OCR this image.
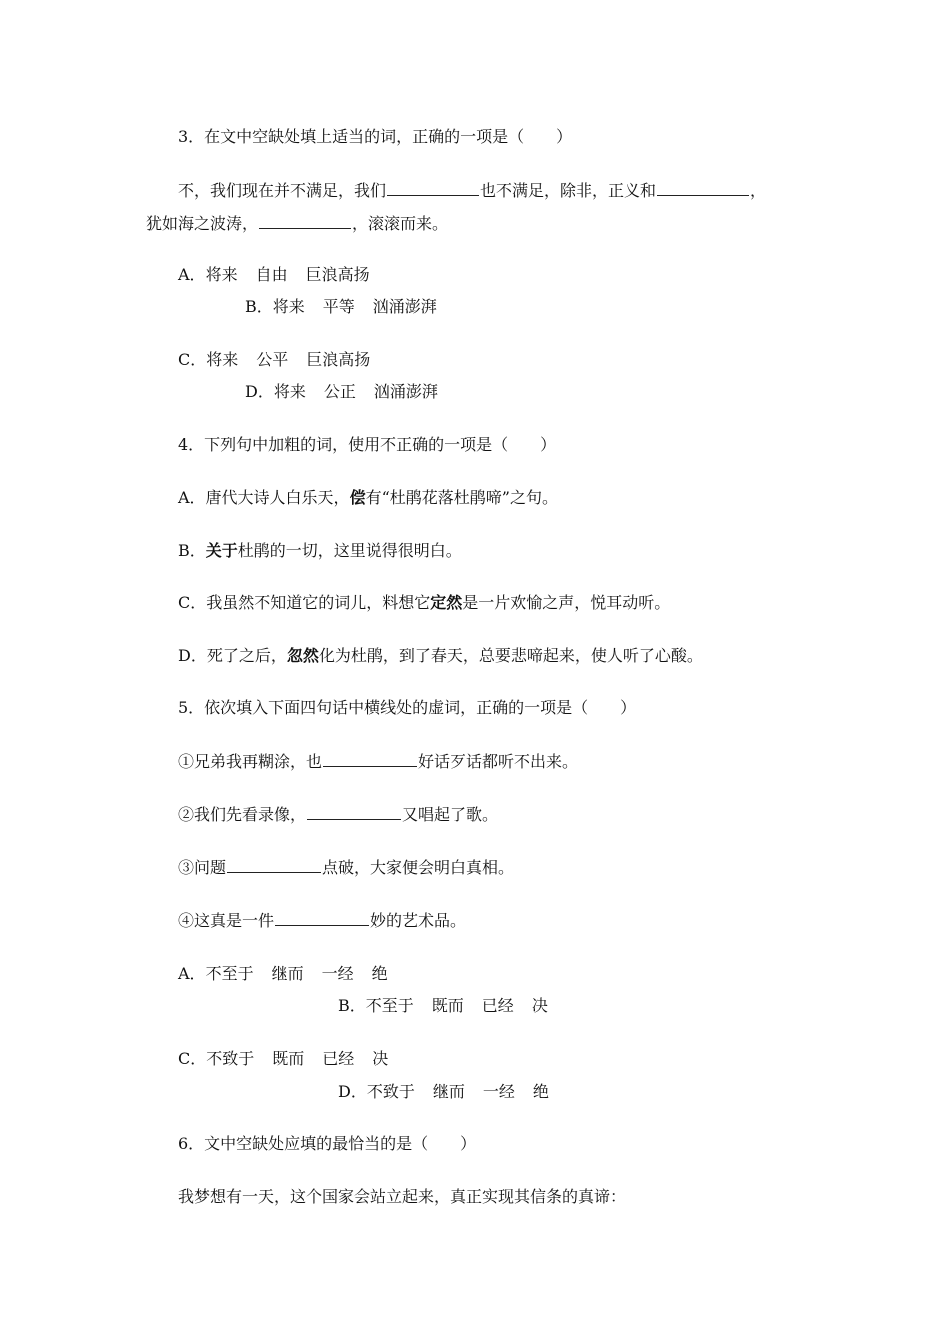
3．在文中空缺处填上适当的词，正确的一项是（　　）
不，我们现在并不满足，我们	也不满足，除非，正义和	，
犹如海之波涛，	，滚滚而来。
A．将来 自由 巨浪高扬
B．将来 平等 汹涌澎湃
C．将来 公平 巨浪高扬
D．将来 公正 汹涌澎湃
4．下列句中加粗的词，使用不正确的一项是（　　）
A．唐代大诗人白乐天，偿有“杜鹃花落杜鹃啼”之句。
B．关于杜鹃的一切，这里说得很明白。
C．我虽然不知道它的词儿，料想它定然是一片欢愉之声，悦耳动听。
D．死了之后，忽然化为杜鹃，到了春天，总要悲啼起来，使人听了心酸。
5．依次填入下面四句话中横线处的虚词，正确的一项是（　　）
①兄弟我再糊涂，也	好话歹话都听不出来。
②我们先看录像，	又唱起了歌。
③问题	点破，大家便会明白真相。
④这真是一件	妙的艺术品。
A．不至于 继而 一经 绝
B．不至于 既而 已经 决
C．不致于 既而 已经 决
D．不致于 继而 一经 绝
6．文中空缺处应填的最恰当的是（　　）
我梦想有一天，这个国家会站立起来，真正实现其信条的真谛：
